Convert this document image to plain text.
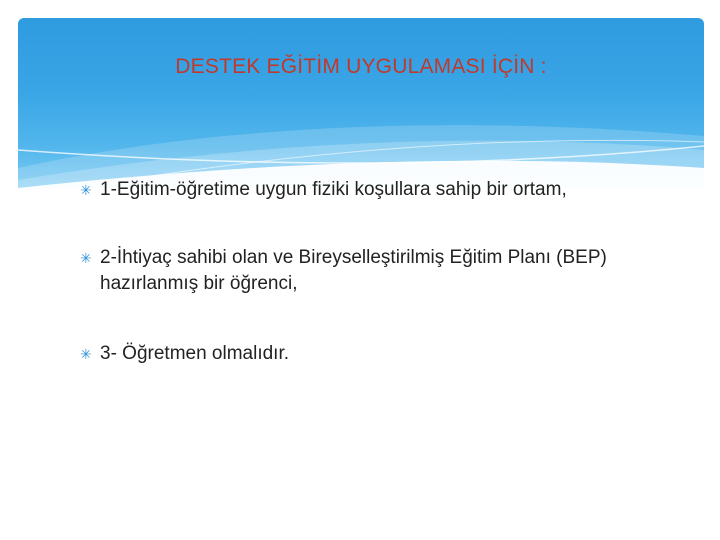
DESTEK EĞİTİM UYGULAMASI İÇİN :
✳ 1-Eğitim-öğretime uygun fiziki koşullara sahip bir ortam,
✳ 2-İhtiyaç sahibi olan ve Bireyselleştirilmiş Eğitim Planı (BEP) hazırlanmış bir öğrenci,
✳ 3- Öğretmen olmalıdır.
